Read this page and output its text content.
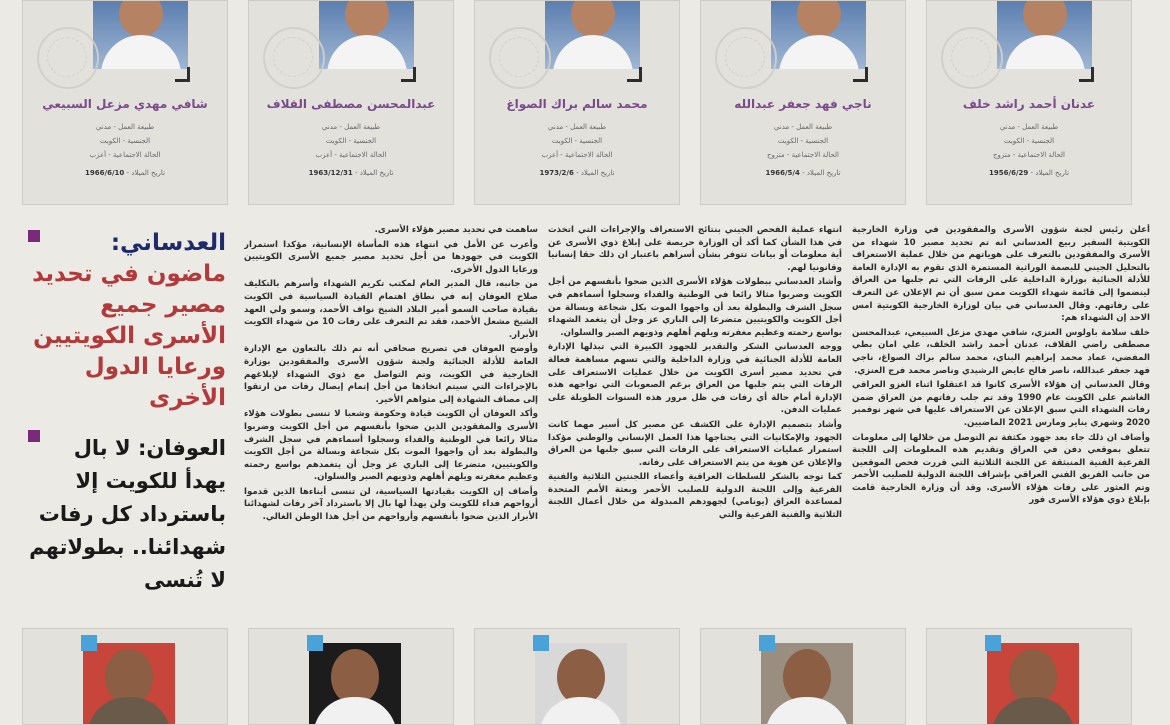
عدنان أحمد راشد خلف
طبيعة العمل - مدني
الجنسية - الكويت
الحالة الاجتماعية - متزوج
تاريخ الميلاد - 1956/6/29
ناجي فهد جعفر عبدالله
طبيعة العمل - مدني
الجنسية - الكويت
الحالة الاجتماعية - متزوج
تاريخ الميلاد - 1966/5/4
محمد سالم براك الصواغ
طبيعة العمل - مدني
الجنسية - الكويت
الحالة الاجتماعية - أعزب
تاريخ الميلاد - 1973/2/6
عبدالمحسن مصطفى القلاف
طبيعة العمل - مدني
الجنسية - الكويت
الحالة الاجتماعية - أعزب
تاريخ الميلاد - 1963/12/31
شافي مهدي مزعل السبيعي
طبيعة العمل - مدني
الجنسية - الكويت
الحالة الاجتماعية - أعزب
تاريخ الميلاد - 1966/6/10
العدساني: ماضون في تحديد مصير جميع الأسرى الكويتيين ورعايا الدول الأخرى
العوفان: لا بال يهدأ للكويت إلا باسترداد كل رفات شهدائنا.. بطولاتهم لا تُنسى

أعلن رئيس لجنة شؤون الأسرى والمفقودين في وزارة الخارجية الكويتية السفير ربيع العدساني انه تم تحديد مصير 10 شهداء من الأسرى والمفقودين بالتعرف على هوياتهم من خلال عملية الاستعراف بالتحليل الجيني للبصمة الوراثية المستمرة الذي تقوم به الإدارة العامة للأدلة الجنائية بوزارة الداخلية على الرفات التي تم جلبها من العراق لينضموا إلى قائمة شهداء الكويت ممن سبق أن تم الإعلان عن التعرف على رفاتهم. وقال العدساني في بيان لوزارة الخارجية الكويتية امس الاحد إن الشهداء هم:

خلف سلامة باولوس العنزي، شافي مهدي مزعل السبيعي، عبدالمحسن مصطفى راضي القلاف، عدنان أحمد راشد الخلف، علي امان بطي المفضي، عماد محمد إبراهيم البناي، محمد سالم براك الصواغ، ناجي فهد جعفر عبدالله، ناصر فالح عايض الرشيدي وناصر محمد فرج العنزي.

وقال العدساني إن هؤلاء الأسرى كانوا قد اعتقلوا اثناء الغزو العراقي الغاشم على الكويت عام 1990 وقد تم جلب رفاتهم من العراق ضمن رفات الشهداء التي سبق الإعلان عن الاستعراف عليها في شهر نوفمبر 2020 وشهري يناير ومارس 2021 الماضيين.

وأضاف ان ذلك جاء بعد جهود مكثفة تم التوصل من خلالها إلى معلومات تتعلق بموقعي دفن في العراق وتقديم هذه المعلومات إلى اللجنة الفرعية الفنية المنبثقة عن اللجنة الثلاثية التي قررت فحص الموقعين من جانب الفريق الفني العراقي بإشراف اللجنة الدولية للصليب الأحمر وتم العثور على رفات هؤلاء الأسرى. وقد أن وزارة الخارجية قامت بإبلاغ ذوي هؤلاء الأسرى فور

انتهاء عملية الفحص الجيني بنتائج الاستعراف والإجراءات التي اتخذت في هذا الشأن كما أكد أن الوزارة حريصة على إبلاغ ذوي الأسرى عن أية معلومات أو بيانات تتوفر بشأن أسراهم باعتبار ان ذلك حقا إنسانيا وقانونيا لهم.

وأشاد العدساني ببطولات هؤلاء الأسرى الذين ضحوا بأنفسهم من أجل الكويت وضربوا مثالا رائعا في الوطنية والفداء وسجلوا أسماءهم في سجل الشرف والبطولة بعد أن واجهوا الموت بكل شجاعة وبسالة من أجل الكويت والكويتيين متضرعا إلى الباري عز وجل أن يتغمد الشهداء بواسع رحمته وعظيم مغفرته ويلهم أهلهم وذويهم الصبر والسلوان.

ووجه العدساني الشكر والتقدير للجهود الكبيرة التي تبذلها الإدارة العامة للأدلة الجنائية في وزارة الداخلية والتي تسهم مساهمة فعالة في تحديد مصير أسرى الكويت من خلال عمليات الاستعراف على الرفات التي يتم جلبها من العراق برغم الصعوبات التي تواجهه هذه الإدارة أمام حالة أي رفات في ظل مرور هذه السنوات الطويلة على عمليات الدفن.

وأشاد بتصميم الإدارة على الكشف عن مصير كل أسير مهما كانت الجهود والإمكانيات التي يحتاجها هذا العمل الإنساني والوطني مؤكدا استمرار عمليات الاستعراف على الرفات التي سبق جلبها من العراق والإعلان عن هوية من يتم الاستعراف على رفاته.

كما توجه بالشكر للسلطات العراقية وأعضاء اللجنتين الثلاثية والفنية الفرعية وإلى اللجنة الدولية للصليب الأحمر وبعثة الأمم المتحدة لمساعدة العراق (يونامي) لجهودهم المبذولة من خلال أعمال اللجنة الثلاثية والفنية الفرعية والتي

ساهمت في تحديد مصير هؤلاء الأسرى.

وأعرب عن الأمل في انتهاء هذه المأساة الإنسانية، مؤكدا استمرار الكويت في جهودها من أجل تحديد مصير جميع الأسرى الكويتيين ورعايا الدول الأخرى.

من جانبه، قال المدير العام لمكتب تكريم الشهداء وأسرهم بالتكليف صلاح العوفان إنه في نطاق اهتمام القيادة السياسية في الكويت بقيادة صاحب السمو أمير البلاد الشيخ نواف الأحمد، وسمو ولي العهد الشيخ مشعل الأحمد، فقد تم التعرف على رفات 10 من شهداء الكويت الأبرار.

وأوضح العوفان في تصريح صحافي أنه تم ذلك بالتعاون مع الإدارة العامة للأدلة الجنائية ولجنة شؤون الأسرى والمفقودين بوزارة الخارجية في الكويت، وتم التواصل مع ذوي الشهداء لإبلاغهم بالإجراءات التي سيتم اتخاذها من أجل إتمام إيصال رفات من ارتقوا إلى مصاف الشهادة إلى مثواهم الأخير.

وأكد العوفان أن الكويت قيادة وحكومة وشعبا لا تنسى بطولات هؤلاء الأسرى والمفقودين الذين ضحوا بأنفسهم من أجل الكويت وضربوا مثالا رائعا في الوطنية والفداء وسجلوا أسماءهم في سجل الشرف والبطولة بعد أن واجهوا الموت بكل شجاعة وبسالة من أجل الكويت والكويتيين، متضرعا إلى الباري عز وجل أن يتغمدهم بواسع رحمته وعظيم مغفرته ويلهم أهلهم وذويهم الصبر والسلوان.

وأضاف إن الكويت بقيادتها السياسية، لن تنسى أبناءها الذين قدموا أرواحهم فداء للكويت ولن يهدأ لها بال إلا باسترداد آخر رفات لشهدائنا الأبرار الذين ضحوا بأنفسهم وأرواحهم من أجل هذا الوطن الغالي.
